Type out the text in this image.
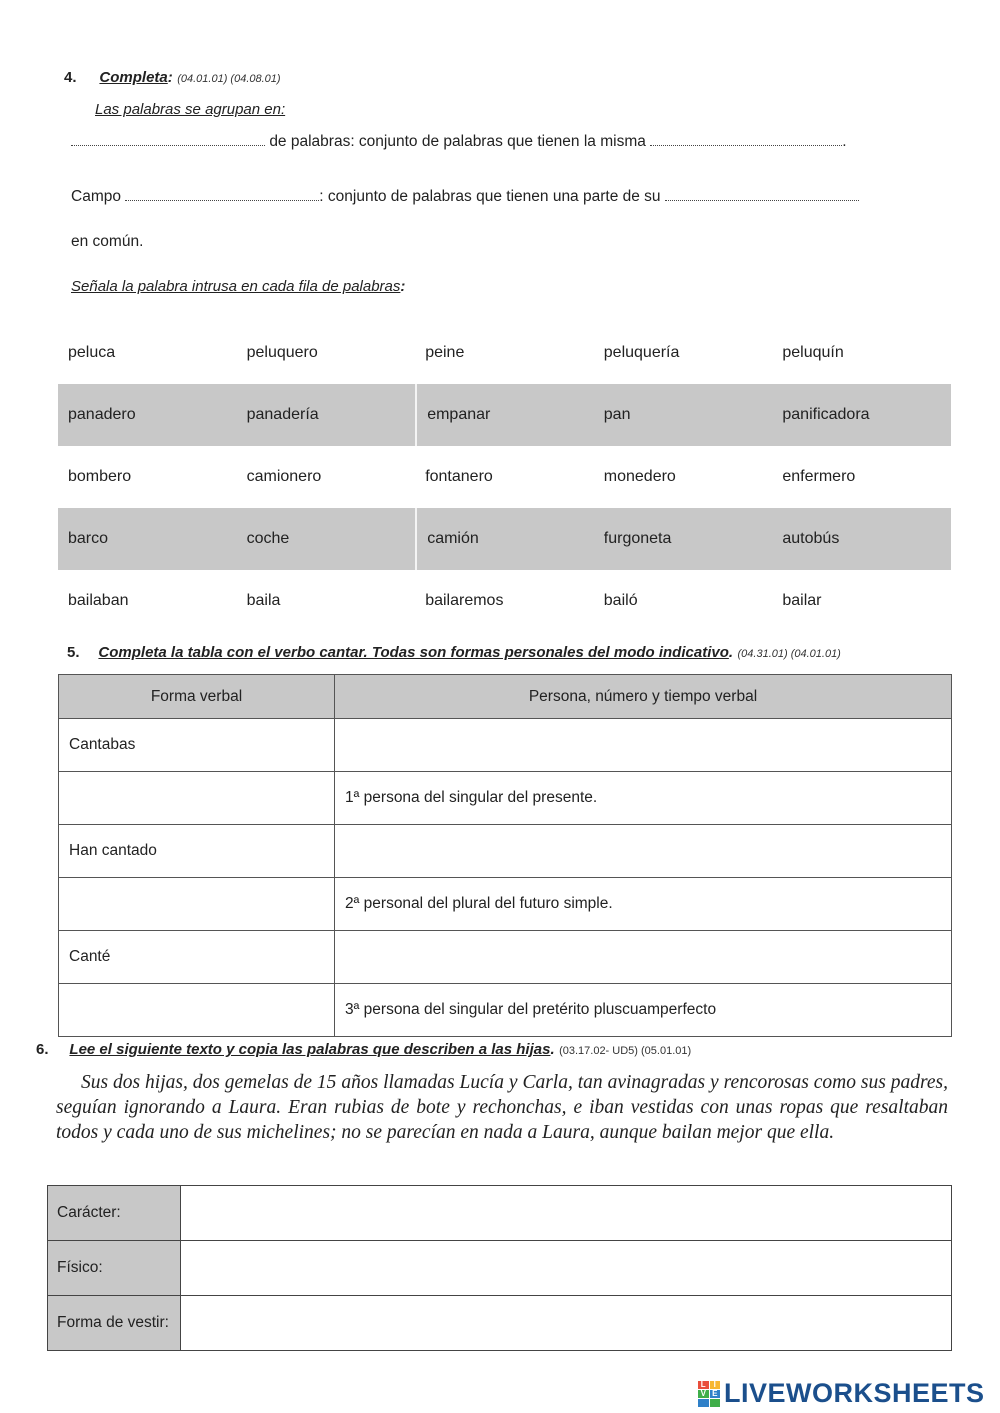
4. Completa: (04.01.01) (04.08.01)
Las palabras se agrupan en:
de palabras: conjunto de palabras que tienen la misma	.
Campo	: conjunto de palabras que tienen una parte de su
en común.
Señala la palabra intrusa en cada fila de palabras:
peluca	peluquero	peine	peluquería	peluquín
panadero	panadería	empanar	pan	panificadora
bombero	camionero	fontanero	monedero	enfermero
barco	coche	camión	furgoneta	autobús
bailaban	baila	bailaremos	bailó	bailar
5. Completa la tabla con el verbo cantar. Todas son formas personales del modo indicativo. (04.31.01) (04.01.01)
Forma verbal	Persona, número y tiempo verbal
Cantabas	
	1ª persona del singular del presente.
Han cantado	
	2ª personal del plural del futuro simple.
Canté	
	3ª persona del singular del pretérito pluscuamperfecto
6. Lee el siguiente texto y copia las palabras que describen a las hijas. (03.17.02- UD5) (05.01.01)
Sus dos hijas, dos gemelas de 15 años llamadas Lucía y Carla, tan avinagradas y rencorosas como sus padres, seguían ignorando a Laura. Eran rubias de bote y rechonchas, e iban vestidas con unas ropas que resaltaban todos y cada uno de sus michelines; no se parecían en nada a Laura, aunque bailan mejor que ella.
Carácter:	
Físico:	
Forma de vestir:	
L I
V E LIVEWORKSHEETS
